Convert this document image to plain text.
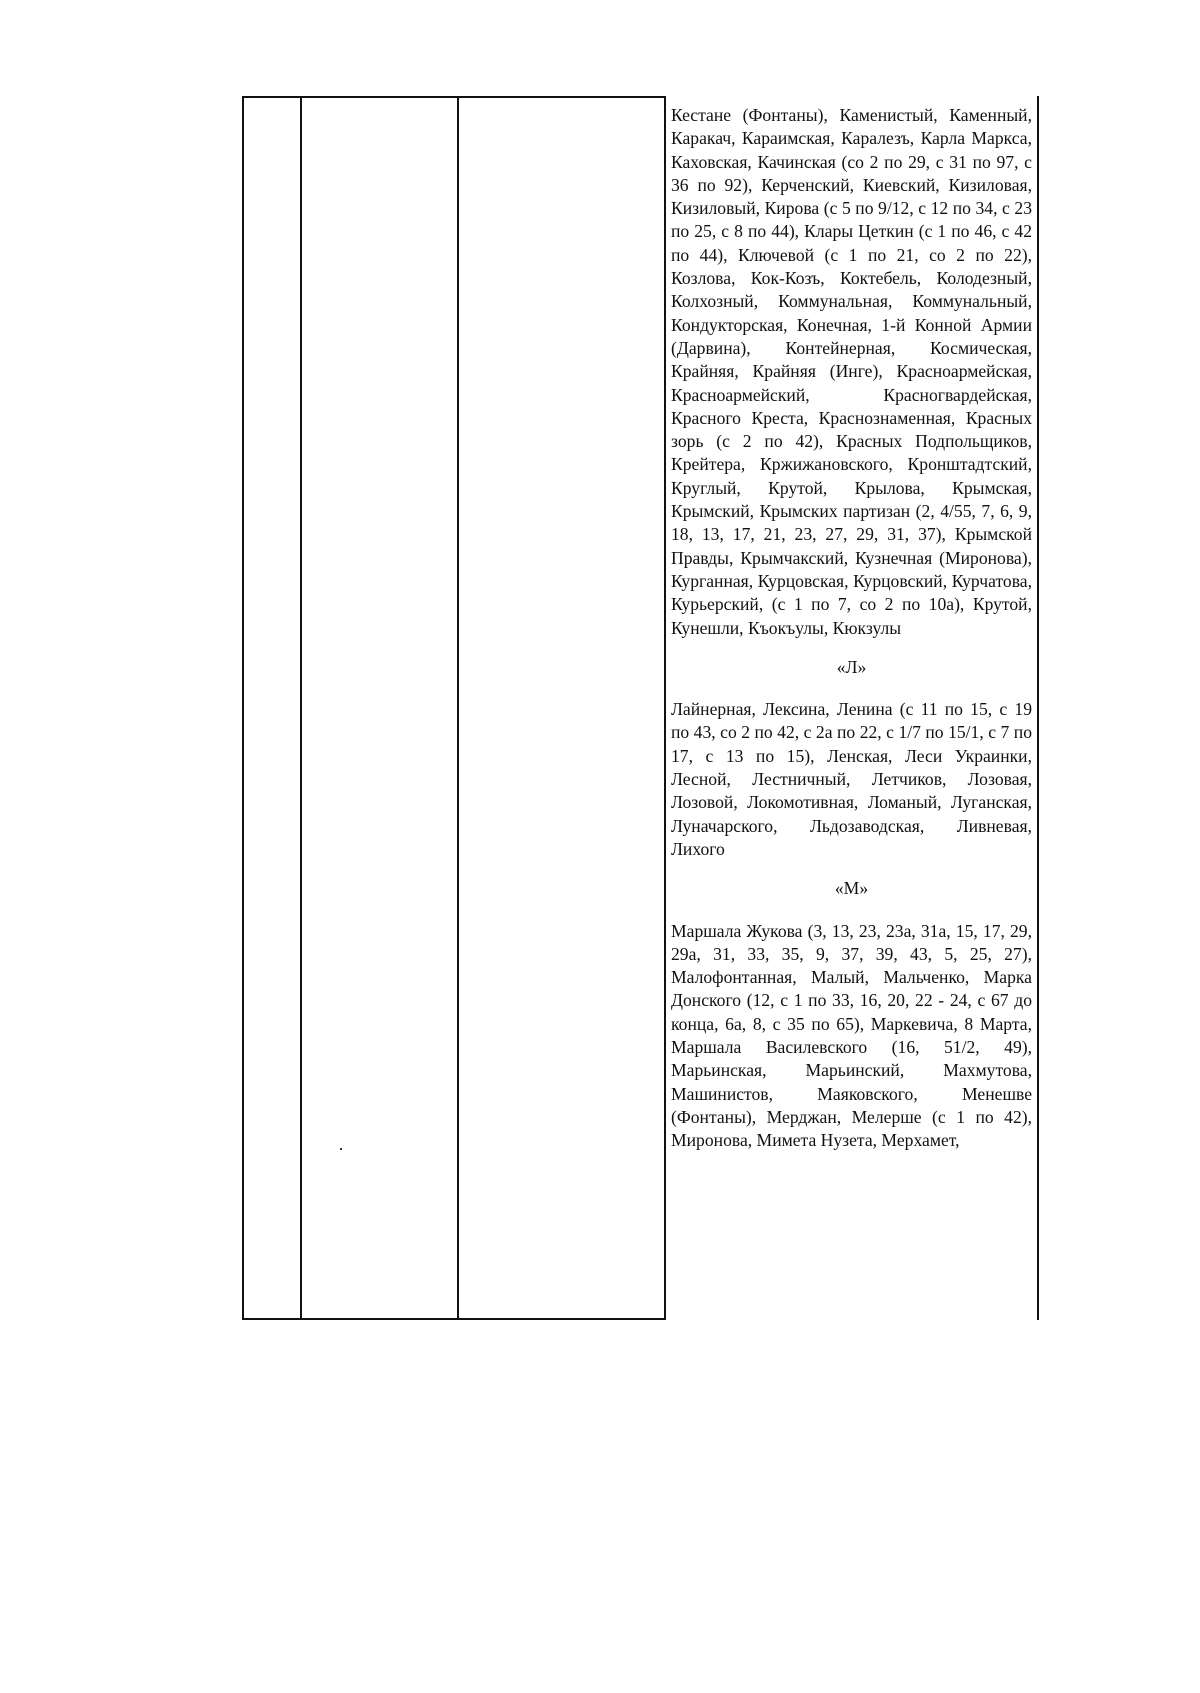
Кестане (Фонтаны), Каменистый, Каменный, Каракач, Караимская, Каралезъ, Карла Маркса, Каховская, Качинская (со 2 по 29, с 31 по 97, с 36 по 92), Керченский, Киевский, Кизиловая, Кизиловый, Кирова (с 5 по 9/12, с 12 по 34, с 23 по 25, с 8 по 44), Клары Цеткин (с 1 по 46, с 42 по 44), Ключевой (с 1 по 21, со 2 по 22), Козлова, Кок-Козъ, Коктебель, Колодезный, Колхозный, Коммунальная, Коммунальный, Кондукторская, Конечная, 1-й Конной Армии (Дарвина), Контейнерная, Космическая, Крайняя, Крайняя (Инге), Красноармейская, Красноармейский, Красногвардейская, Красного Креста, Краснознаменная, Красных зорь (с 2 по 42), Красных Подпольщиков, Крейтера, Кржижановского, Кронштадтский, Круглый, Крутой, Крылова, Крымская, Крымский, Крымских партизан (2, 4/55, 7, 6, 9, 18, 13, 17, 21, 23, 27, 29, 31, 37), Крымской Правды, Крымчакский, Кузнечная (Миронова), Курганная, Курцовская, Курцовский, Курчатова, Курьерский, (с 1 по 7, со 2 по 10а), Крутой, Кунешли, Къокъулы, Кюкзулы

«Л»

Лайнерная, Лексина, Ленина (с 11 по 15, с 19 по 43, со 2 по 42, с 2а по 22, с 1/7 по 15/1, с 7 по 17, с 13 по 15), Ленская, Леси Украинки, Лесной, Лестничный, Летчиков, Лозовая, Лозовой, Локомотивная, Ломаный, Луганская, Луначарского, Льдозаводская, Ливневая, Лихого

«М»

Маршала Жукова (3, 13, 23, 23а, 31а, 15, 17, 29, 29а, 31, 33, 35, 9, 37, 39, 43, 5, 25, 27), Малофонтанная, Малый, Мальченко, Марка Донского (12, с 1 по 33, 16, 20, 22 - 24, с 67 до конца, 6а, 8, с 35 по 65), Маркевича, 8 Марта, Маршала Василевского (16, 51/2, 49), Марьинская, Марьинский, Махмутова, Машинистов, Маяковского, Менешве (Фонтаны), Мерджан, Мелерше (с 1 по 42), Миронова, Мимета Нузета, Мерхамет,
